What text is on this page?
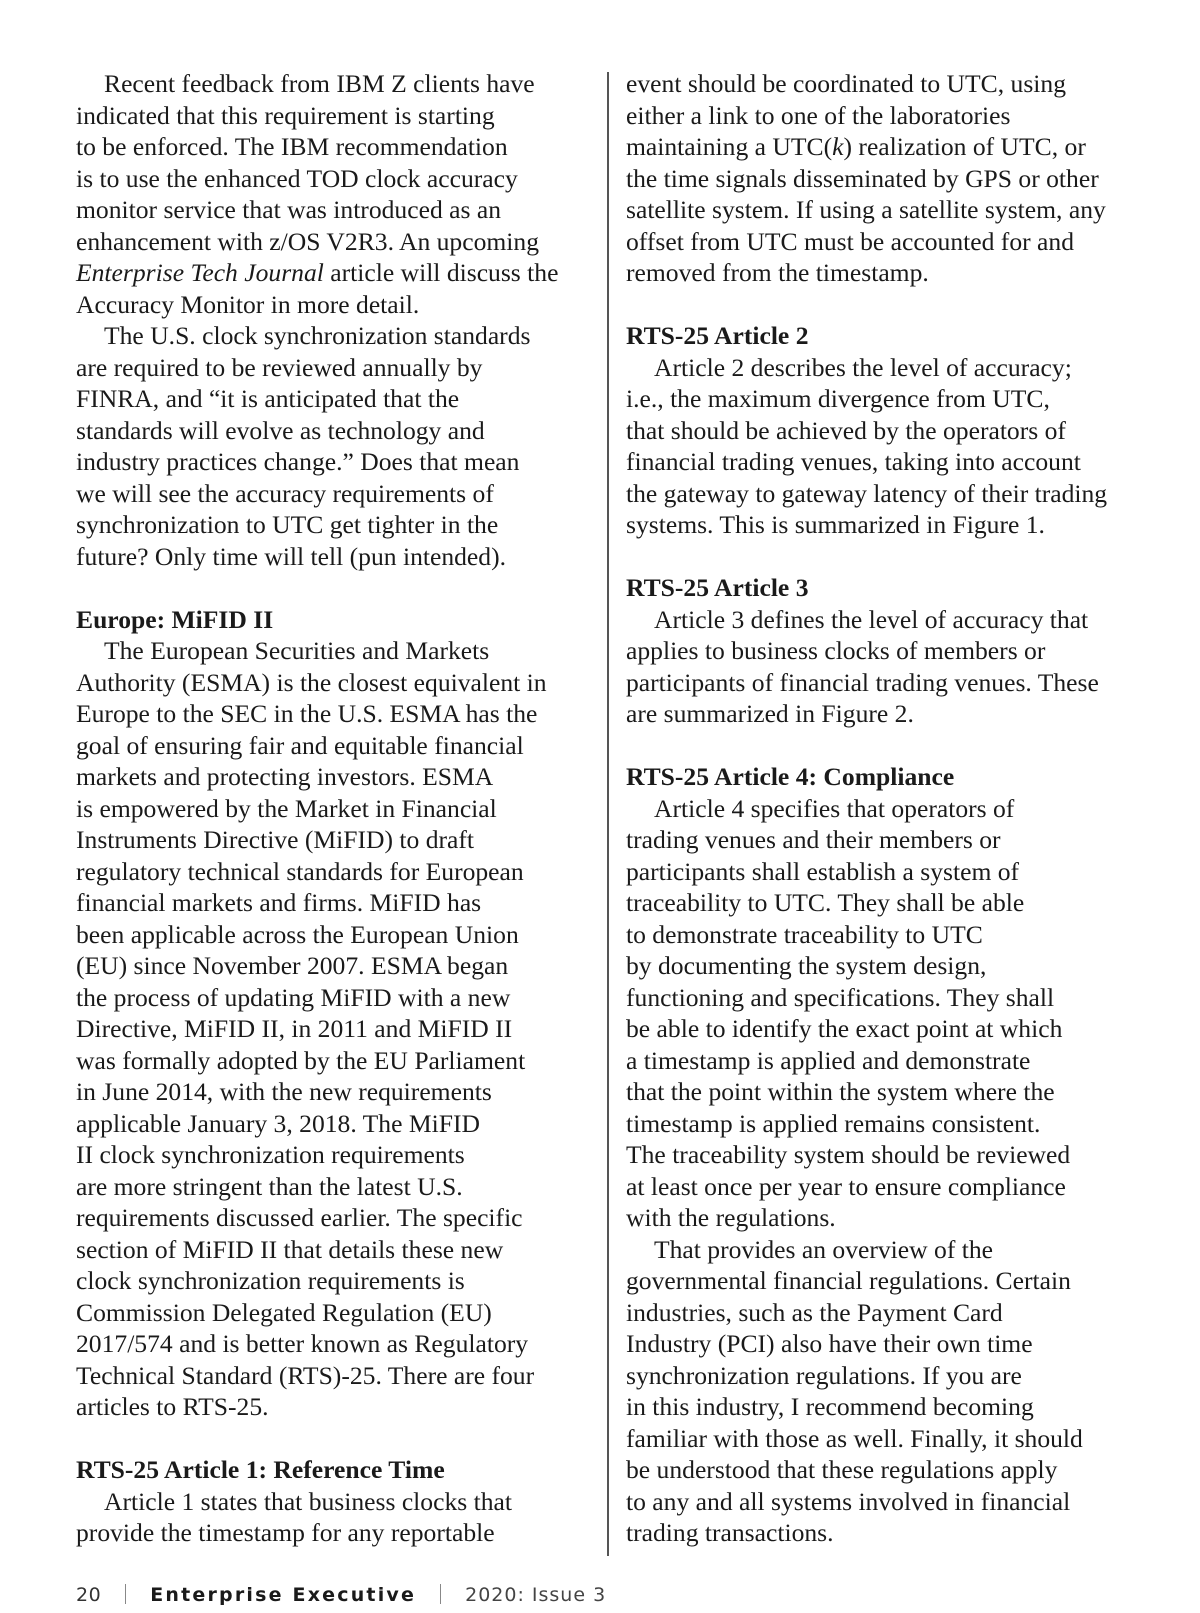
Recent feedback from IBM Z clients have
indicated that this requirement is starting
to be enforced. The IBM recommendation
is to use the enhanced TOD clock accuracy
monitor service that was introduced as an
enhancement with z/OS V2R3. An upcoming
Enterprise Tech Journal article will discuss the
Accuracy Monitor in more detail.
The U.S. clock synchronization standards
are required to be reviewed annually by
FINRA, and “it is anticipated that the
standards will evolve as technology and
industry practices change.” Does that mean
we will see the accuracy requirements of
synchronization to UTC get tighter in the
future? Only time will tell (pun intended).
Europe: MiFID II
The European Securities and Markets
Authority (ESMA) is the closest equivalent in
Europe to the SEC in the U.S. ESMA has the
goal of ensuring fair and equitable financial
markets and protecting investors. ESMA
is empowered by the Market in Financial
Instruments Directive (MiFID) to draft
regulatory technical standards for European
financial markets and firms. MiFID has
been applicable across the European Union
(EU) since November 2007. ESMA began
the process of updating MiFID with a new
Directive, MiFID II, in 2011 and MiFID II
was formally adopted by the EU Parliament
in June 2014, with the new requirements
applicable January 3, 2018. The MiFID
II clock synchronization requirements
are more stringent than the latest U.S.
requirements discussed earlier. The specific
section of MiFID II that details these new
clock synchronization requirements is
Commission Delegated Regulation (EU)
2017/574 and is better known as Regulatory
Technical Standard (RTS)-25. There are four
articles to RTS-25.
RTS-25 Article 1: Reference Time
Article 1 states that business clocks that
provide the timestamp for any reportable
event should be coordinated to UTC, using
either a link to one of the laboratories
maintaining a UTC(k) realization of UTC, or
the time signals disseminated by GPS or other
satellite system. If using a satellite system, any
offset from UTC must be accounted for and
removed from the timestamp.
RTS-25 Article 2
Article 2 describes the level of accuracy;
i.e., the maximum divergence from UTC,
that should be achieved by the operators of
financial trading venues, taking into account
the gateway to gateway latency of their trading
systems. This is summarized in Figure 1.
RTS-25 Article 3
Article 3 defines the level of accuracy that
applies to business clocks of members or
participants of financial trading venues. These
are summarized in Figure 2.
RTS-25 Article 4: Compliance
Article 4 specifies that operators of
trading venues and their members or
participants shall establish a system of
traceability to UTC. They shall be able
to demonstrate traceability to UTC
by documenting the system design,
functioning and specifications. They shall
be able to identify the exact point at which
a timestamp is applied and demonstrate
that the point within the system where the
timestamp is applied remains consistent.
The traceability system should be reviewed
at least once per year to ensure compliance
with the regulations.
That provides an overview of the
governmental financial regulations. Certain
industries, such as the Payment Card
Industry (PCI) also have their own time
synchronization regulations. If you are
in this industry, I recommend becoming
familiar with those as well. Finally, it should
be understood that these regulations apply
to any and all systems involved in financial
trading transactions.
20	Enterprise Executive	2020: Issue 3
